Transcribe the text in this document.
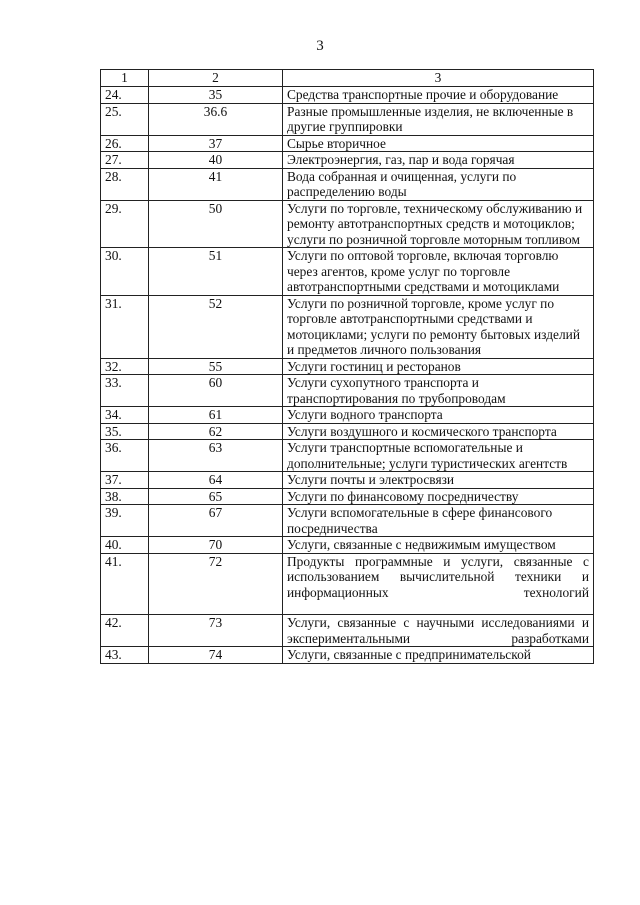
3
1	2	3
24.	35	Средства транспортные прочие и оборудование
25.	36.6	Разные промышленные изделия, не включенные в другие группировки
26.	37	Сырье вторичное
27.	40	Электроэнергия, газ, пар и вода горячая
28.	41	Вода собранная и очищенная, услуги по распределению воды
29.	50	Услуги по торговле, техническому обслуживанию и ремонту автотранспортных средств и мотоциклов; услуги по розничной торговле моторным топливом
30.	51	Услуги по оптовой торговле, включая торговлю через агентов, кроме услуг по торговле автотранспортными средствами и мотоциклами
31.	52	Услуги по розничной торговле, кроме услуг по торговле автотранспортными средствами и мотоциклами; услуги по ремонту бытовых изделий и предметов личного пользования
32.	55	Услуги гостиниц и ресторанов
33.	60	Услуги сухопутного транспорта и транспортирования по трубопроводам
34.	61	Услуги водного транспорта
35.	62	Услуги воздушного и космического транспорта
36.	63	Услуги транспортные вспомогательные и дополнительные; услуги туристических агентств
37.	64	Услуги почты и электросвязи
38.	65	Услуги по финансовому посредничеству
39.	67	Услуги вспомогательные в сфере финансового посредничества
40.	70	Услуги, связанные с недвижимым имуществом
41.	72	Продукты программные и услуги, связанные с использованием вычислительной техники и информационных технологий
42.	73	Услуги, связанные с научными исследованиями и экспериментальными разработками
43.	74	Услуги, связанные с предпринимательской
